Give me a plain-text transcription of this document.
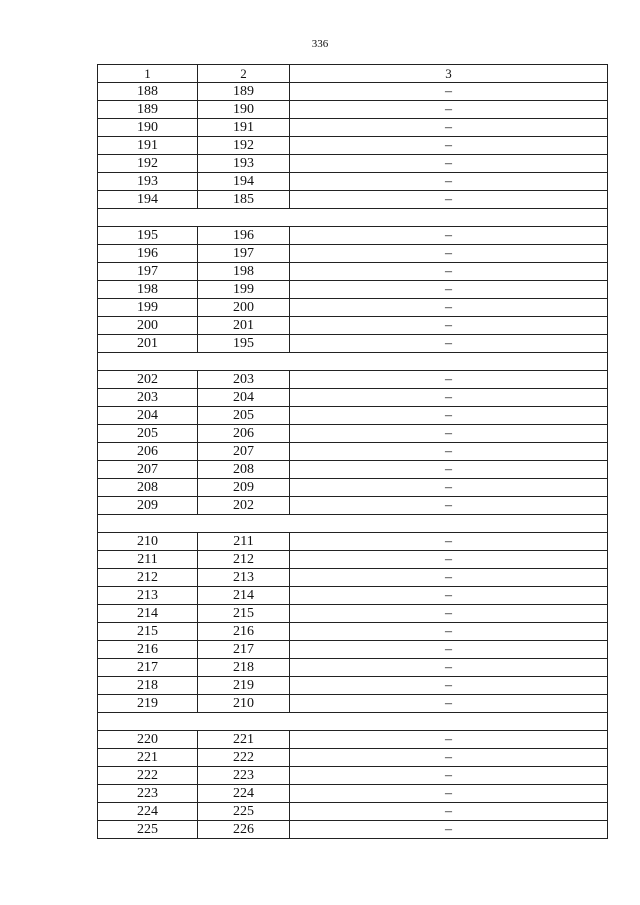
336
1	2	3
188	189	–
189	190	–
190	191	–
191	192	–
192	193	–
193	194	–
194	185	–

195	196	–
196	197	–
197	198	–
198	199	–
199	200	–
200	201	–
201	195	–

202	203	–
203	204	–
204	205	–
205	206	–
206	207	–
207	208	–
208	209	–
209	202	–

210	211	–
211	212	–
212	213	–
213	214	–
214	215	–
215	216	–
216	217	–
217	218	–
218	219	–
219	210	–

220	221	–
221	222	–
222	223	–
223	224	–
224	225	–
225	226	–
